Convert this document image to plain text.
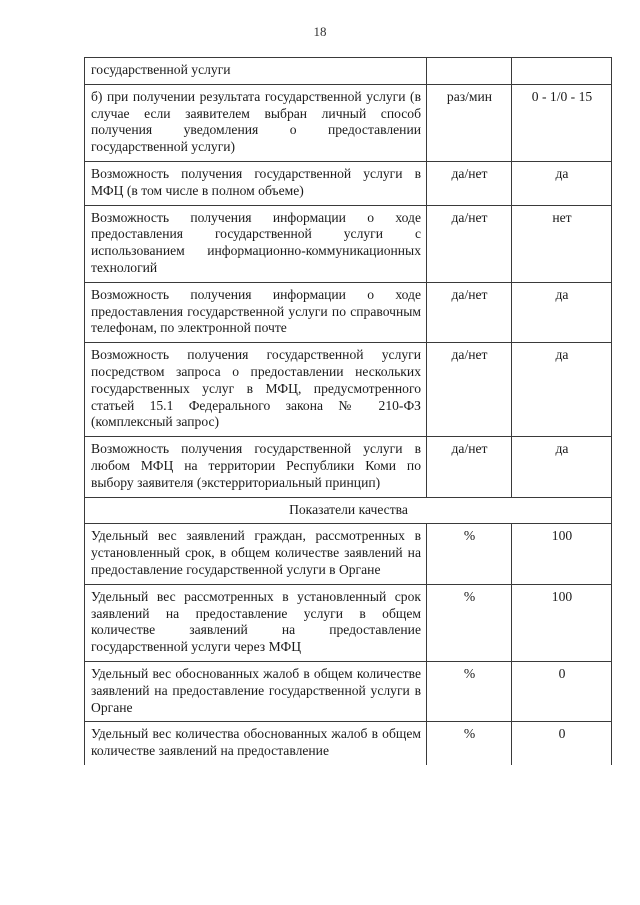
18
государственной услуги		
б) при получении результата государственной услуги (в случае если заявителем выбран личный способ получения уведомления о предоставлении государственной услуги)	раз/мин	0 - 1/0 - 15
Возможность получения государственной услуги в МФЦ (в том числе в полном объеме)	да/нет	да
Возможность получения информации о ходе предоставления государственной услуги с использованием информационно-коммуникационных технологий	да/нет	нет
Возможность получения информации о ходе предоставления государственной услуги по справочным телефонам, по электронной почте	да/нет	да
Возможность получения государственной услуги посредством запроса о предоставлении нескольких государственных услуг в МФЦ, предусмотренного статьей 15.1 Федерального закона № 210-ФЗ (комплексный запрос)	да/нет	да
Возможность получения государственной услуги в любом МФЦ на территории Республики Коми по выбору заявителя (экстерриториальный принцип)	да/нет	да
Показатели качества		
Удельный вес заявлений граждан, рассмотренных в установленный срок, в общем количестве заявлений на предоставление государственной услуги в Органе	%	100
Удельный вес рассмотренных в установленный срок заявлений на предоставление услуги в общем количестве заявлений на предоставление государственной услуги через МФЦ	%	100
Удельный вес обоснованных жалоб в общем количестве заявлений на предоставление государственной услуги в Органе	%	0
Удельный вес количества обоснованных жалоб в общем количестве заявлений на предоставление	%	0
